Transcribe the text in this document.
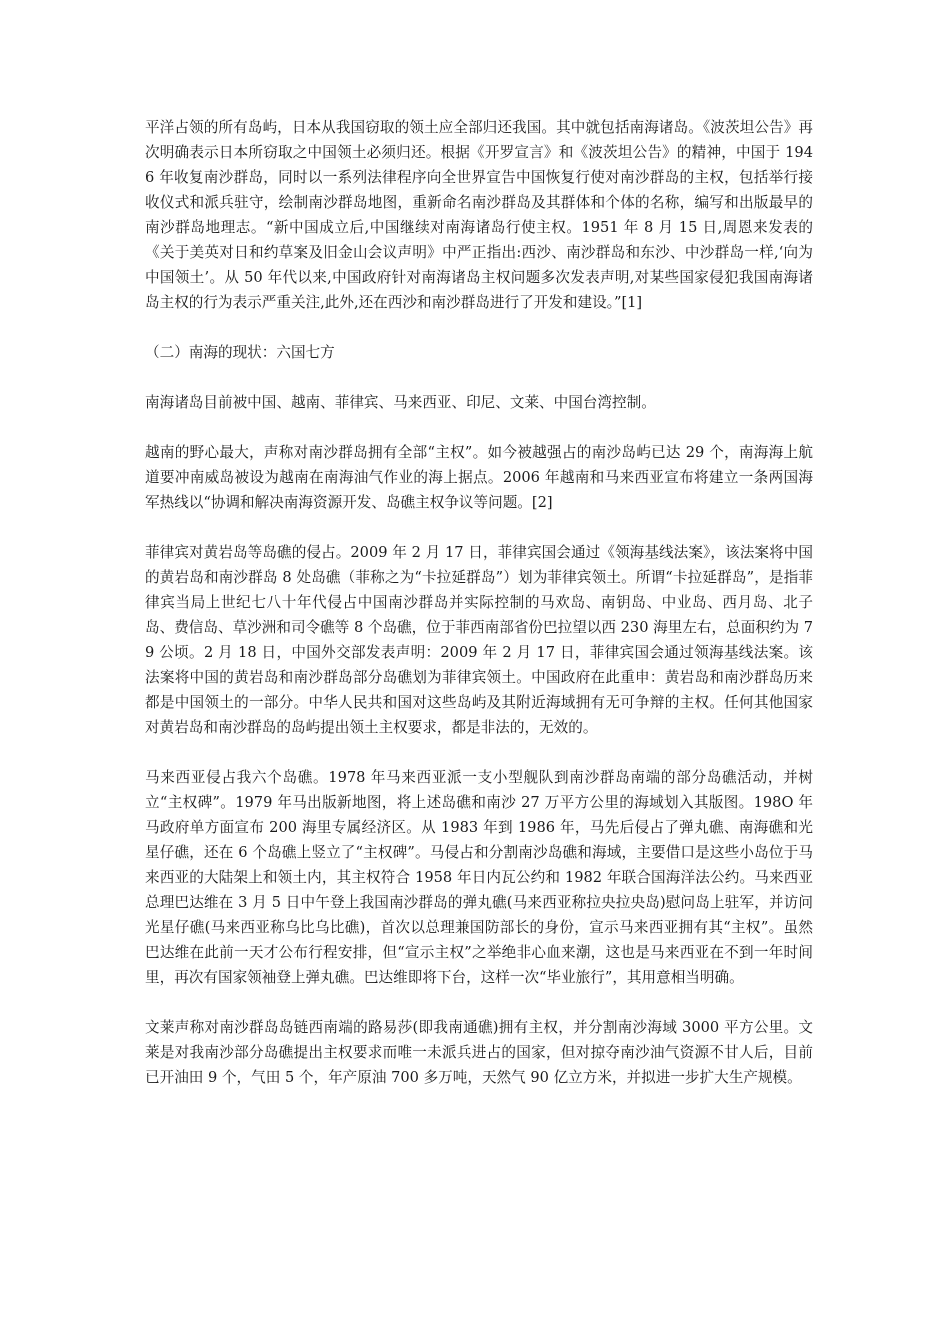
平洋占领的所有岛屿，日本从我国窃取的领土应全部归还我国。其中就包括南海诸岛。《波茨坦公告》再次明确表示日本所窃取之中国领土必须归还。根据《开罗宣言》和《波茨坦公告》的精神，中国于 1946 年收复南沙群岛，同时以一系列法律程序向全世界宣告中国恢复行使对南沙群岛的主权，包括举行接收仪式和派兵驻守，绘制南沙群岛地图，重新命名南沙群岛及其群体和个体的名称，编写和出版最早的南沙群岛地理志。“新中国成立后,中国继续对南海诸岛行使主权。1951 年 8 月 15 日,周恩来发表的《关于美英对日和约草案及旧金山会议声明》中严正指出:西沙、南沙群岛和东沙、中沙群岛一样,‘向为中国领土’。从 50 年代以来,中国政府针对南海诸岛主权问题多次发表声明,对某些国家侵犯我国南海诸岛主权的行为表示严重关注,此外,还在西沙和南沙群岛进行了开发和建设。”[1]

（二）南海的现状：六国七方

南海诸岛目前被中国、越南、菲律宾、马来西亚、印尼、文莱、中国台湾控制。

越南的野心最大，声称对南沙群岛拥有全部“主权”。如今被越强占的南沙岛屿已达 29 个，南海海上航道要冲南威岛被设为越南在南海油气作业的海上据点。2006 年越南和马来西亚宣布将建立一条两国海军热线以“协调和解决南海资源开发、岛礁主权争议等问题。[2]

菲律宾对黄岩岛等岛礁的侵占。2009 年 2 月 17 日，菲律宾国会通过《领海基线法案》，该法案将中国的黄岩岛和南沙群岛 8 处岛礁（菲称之为“卡拉延群岛”）划为菲律宾领土。所谓“卡拉延群岛”，是指菲律宾当局上世纪七八十年代侵占中国南沙群岛并实际控制的马欢岛、南钥岛、中业岛、西月岛、北子岛、费信岛、草沙洲和司令礁等 8 个岛礁，位于菲西南部省份巴拉望以西 230 海里左右，总面积约为 79 公顷。2 月 18 日，中国外交部发表声明：2009 年 2 月 17 日，菲律宾国会通过领海基线法案。该法案将中国的黄岩岛和南沙群岛部分岛礁划为菲律宾领土。中国政府在此重申：黄岩岛和南沙群岛历来都是中国领土的一部分。中华人民共和国对这些岛屿及其附近海域拥有无可争辩的主权。任何其他国家对黄岩岛和南沙群岛的岛屿提出领土主权要求，都是非法的，无效的。

马来西亚侵占我六个岛礁。1978 年马来西亚派一支小型舰队到南沙群岛南端的部分岛礁活动，并树立“主权碑”。1979 年马出版新地图，将上述岛礁和南沙 27 万平方公里的海域划入其版图。198O 年马政府单方面宣布 200 海里专属经济区。从 1983 年到 1986 年，马先后侵占了弹丸礁、南海礁和光星仔礁，还在 6 个岛礁上竖立了“主权碑”。马侵占和分割南沙岛礁和海域，主要借口是这些小岛位于马来西亚的大陆架上和领土内，其主权符合 1958 年日内瓦公约和 1982 年联合国海洋法公约。马来西亚总理巴达维在 3 月 5 日中午登上我国南沙群岛的弹丸礁(马来西亚称拉央拉央岛)慰问岛上驻军，并访问光星仔礁(马来西亚称乌比乌比礁)，首次以总理兼国防部长的身份，宣示马来西亚拥有其“主权”。虽然巴达维在此前一天才公布行程安排，但“宣示主权”之举绝非心血来潮，这也是马来西亚在不到一年时间里，再次有国家领袖登上弹丸礁。巴达维即将下台，这样一次“毕业旅行”，其用意相当明确。

文莱声称对南沙群岛岛链西南端的路易莎(即我南通礁)拥有主权，并分割南沙海域 3000 平方公里。文莱是对我南沙部分岛礁提出主权要求而唯一未派兵进占的国家，但对掠夺南沙油气资源不甘人后，目前已开油田 9 个，气田 5 个，年产原油 700 多万吨，天然气 90 亿立方米，并拟进一步扩大生产规模。
